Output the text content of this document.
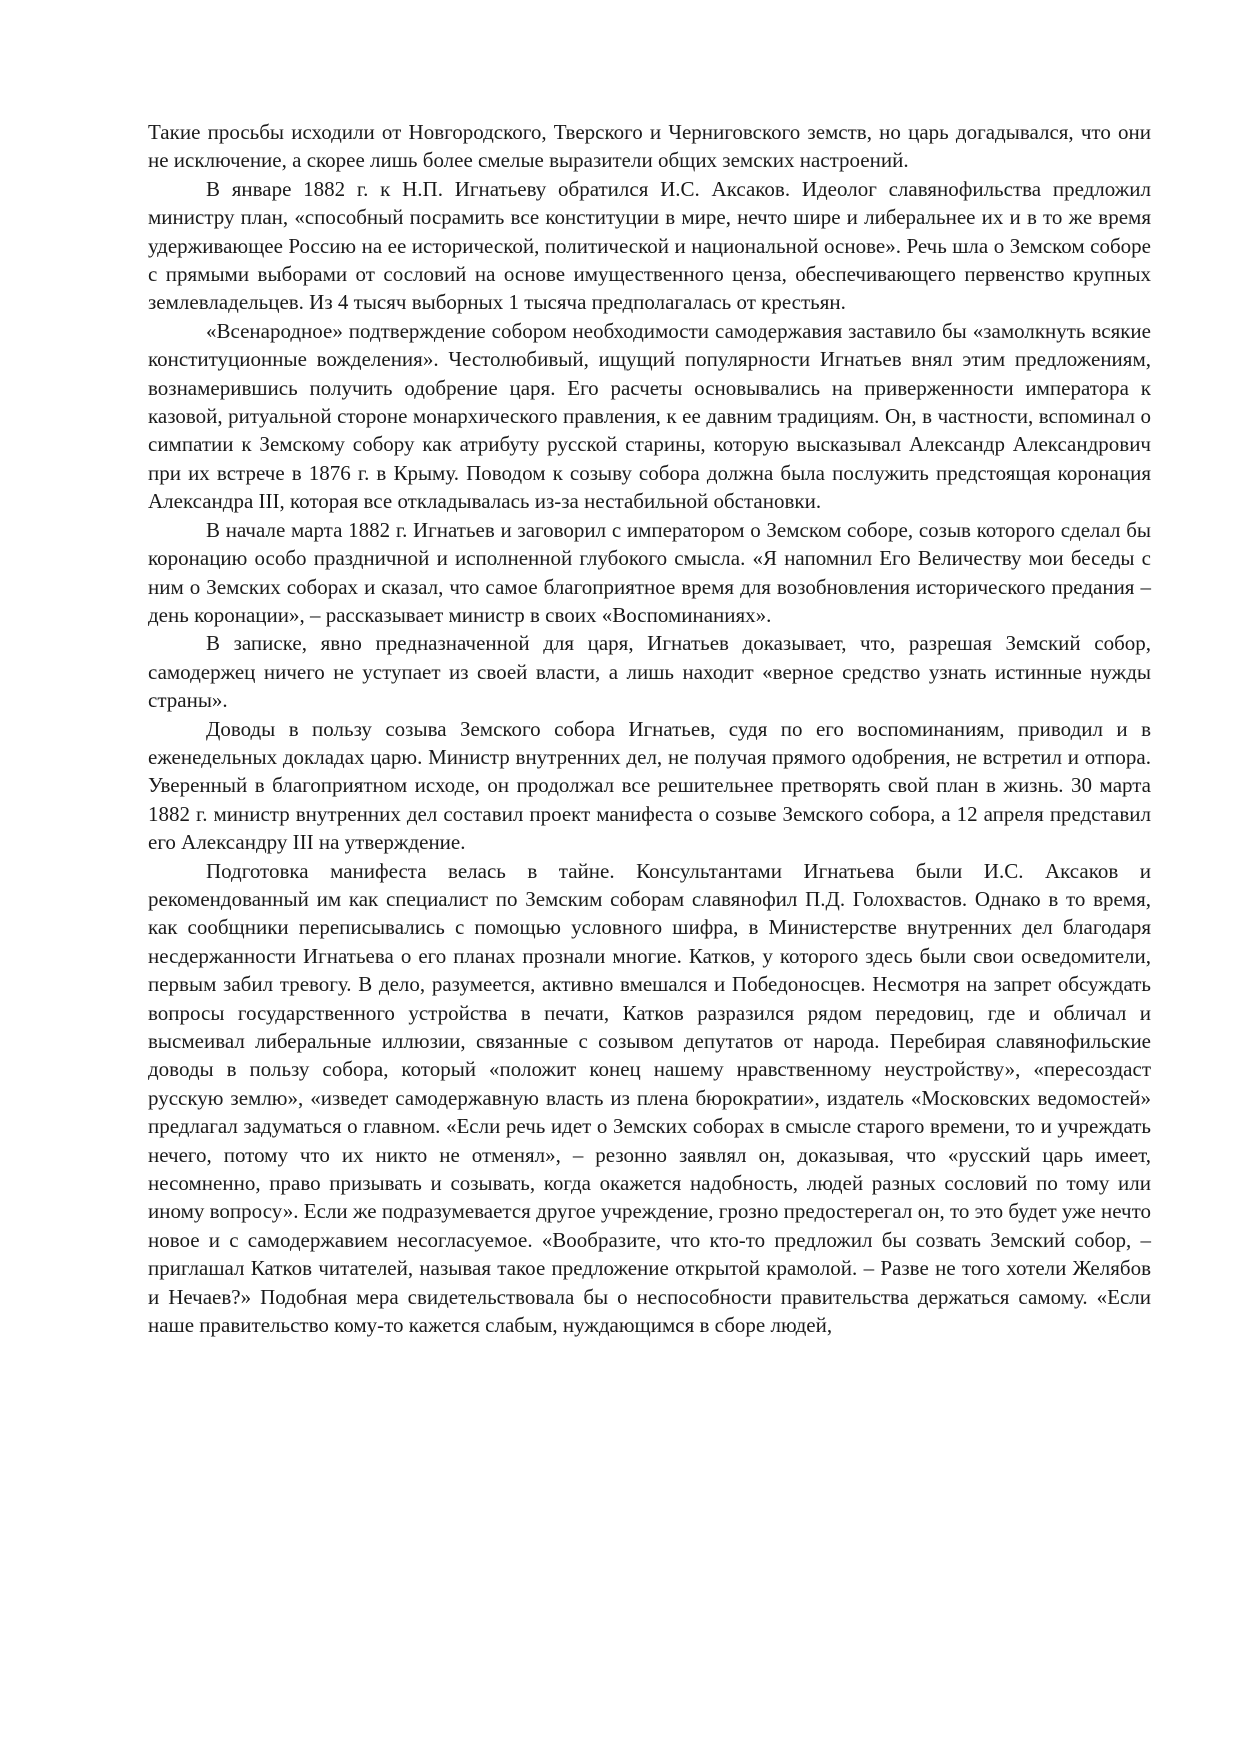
Такие просьбы исходили от Новгородского, Тверского и Черниговского земств, но царь догадывался, что они не исключение, а скорее лишь более смелые выразители общих земских настроений.

В январе 1882 г. к Н.П. Игнатьеву обратился И.С. Аксаков. Идеолог славянофильства предложил министру план, «способный посрамить все конституции в мире, нечто шире и либеральнее их и в то же время удерживающее Россию на ее исторической, политической и национальной основе». Речь шла о Земском соборе с прямыми выборами от сословий на основе имущественного ценза, обеспечивающего первенство крупных землевладельцев. Из 4 тысяч выборных 1 тысяча предполагалась от крестьян.

«Всенародное» подтверждение собором необходимости самодержавия заставило бы «замолкнуть всякие конституционные вожделения». Честолюбивый, ищущий популярности Игнатьев внял этим предложениям, вознамерившись получить одобрение царя. Его расчеты основывались на приверженности императора к казовой, ритуальной стороне монархического правления, к ее давним традициям. Он, в частности, вспоминал о симпатии к Земскому собору как атрибуту русской старины, которую высказывал Александр Александрович при их встрече в 1876 г. в Крыму. Поводом к созыву собора должна была послужить предстоящая коронация Александра III, которая все откладывалась из-за нестабильной обстановки.

В начале марта 1882 г. Игнатьев и заговорил с императором о Земском соборе, созыв которого сделал бы коронацию особо праздничной и исполненной глубокого смысла. «Я напомнил Его Величеству мои беседы с ним о Земских соборах и сказал, что самое благоприятное время для возобновления исторического предания – день коронации», – рассказывает министр в своих «Воспоминаниях».

В записке, явно предназначенной для царя, Игнатьев доказывает, что, разрешая Земский собор, самодержец ничего не уступает из своей власти, а лишь находит «верное средство узнать истинные нужды страны».

Доводы в пользу созыва Земского собора Игнатьев, судя по его воспоминаниям, приводил и в еженедельных докладах царю. Министр внутренних дел, не получая прямого одобрения, не встретил и отпора. Уверенный в благоприятном исходе, он продолжал все решительнее претворять свой план в жизнь. 30 марта 1882 г. министр внутренних дел составил проект манифеста о созыве Земского собора, а 12 апреля представил его Александру III на утверждение.

Подготовка манифеста велась в тайне. Консультантами Игнатьева были И.С. Аксаков и рекомендованный им как специалист по Земским соборам славянофил П.Д. Голохвастов. Однако в то время, как сообщники переписывались с помощью условного шифра, в Министерстве внутренних дел благодаря несдержанности Игнатьева о его планах прознали многие. Катков, у которого здесь были свои осведомители, первым забил тревогу. В дело, разумеется, активно вмешался и Победоносцев. Несмотря на запрет обсуждать вопросы государственного устройства в печати, Катков разразился рядом передовиц, где и обличал и высмеивал либеральные иллюзии, связанные с созывом депутатов от народа. Перебирая славянофильские доводы в пользу собора, который «положит конец нашему нравственному неустройству», «пересоздаст русскую землю», «изведет самодержавную власть из плена бюрократии», издатель «Московских ведомостей» предлагал задуматься о главном. «Если речь идет о Земских соборах в смысле старого времени, то и учреждать нечего, потому что их никто не отменял», – резонно заявлял он, доказывая, что «русский царь имеет, несомненно, право призывать и созывать, когда окажется надобность, людей разных сословий по тому или иному вопросу». Если же подразумевается другое учреждение, грозно предостерегал он, то это будет уже нечто новое и с самодержавием несогласуемое. «Вообразите, что кто-то предложил бы созвать Земский собор, – приглашал Катков читателей, называя такое предложение открытой крамолой. – Разве не того хотели Желябов и Нечаев?» Подобная мера свидетельствовала бы о неспособности правительства держаться самому. «Если наше правительство кому-то кажется слабым, нуждающимся в сборе людей,
